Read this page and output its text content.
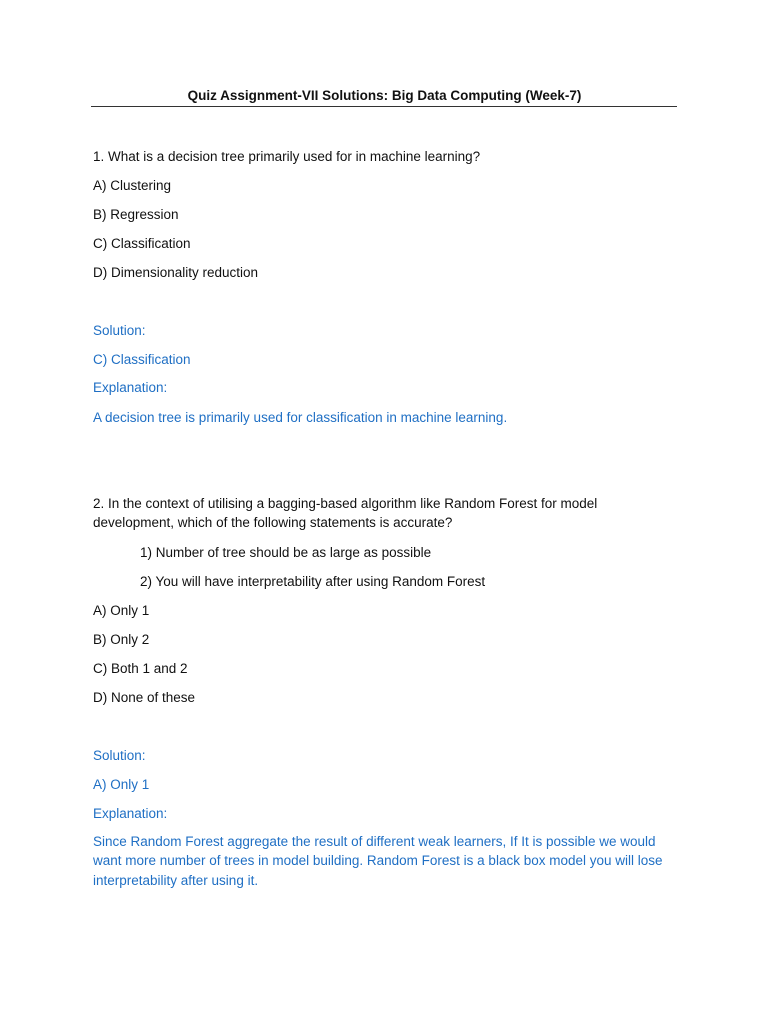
Quiz Assignment-VII Solutions: Big Data Computing (Week-7)
1. What is a decision tree primarily used for in machine learning?
A) Clustering
B) Regression
C) Classification
D) Dimensionality reduction
Solution:
C) Classification
Explanation:
A decision tree is primarily used for classification in machine learning.
2. In the context of utilising a bagging-based algorithm like Random Forest for model development, which of the following statements is accurate?
1) Number of tree should be as large as possible
2) You will have interpretability after using Random Forest
A) Only 1
B) Only 2
C) Both 1 and 2
D) None of these
Solution:
A) Only 1
Explanation:
Since Random Forest aggregate the result of different weak learners, If It is possible we would want more number of trees in model building. Random Forest is a black box model you will lose interpretability after using it.
